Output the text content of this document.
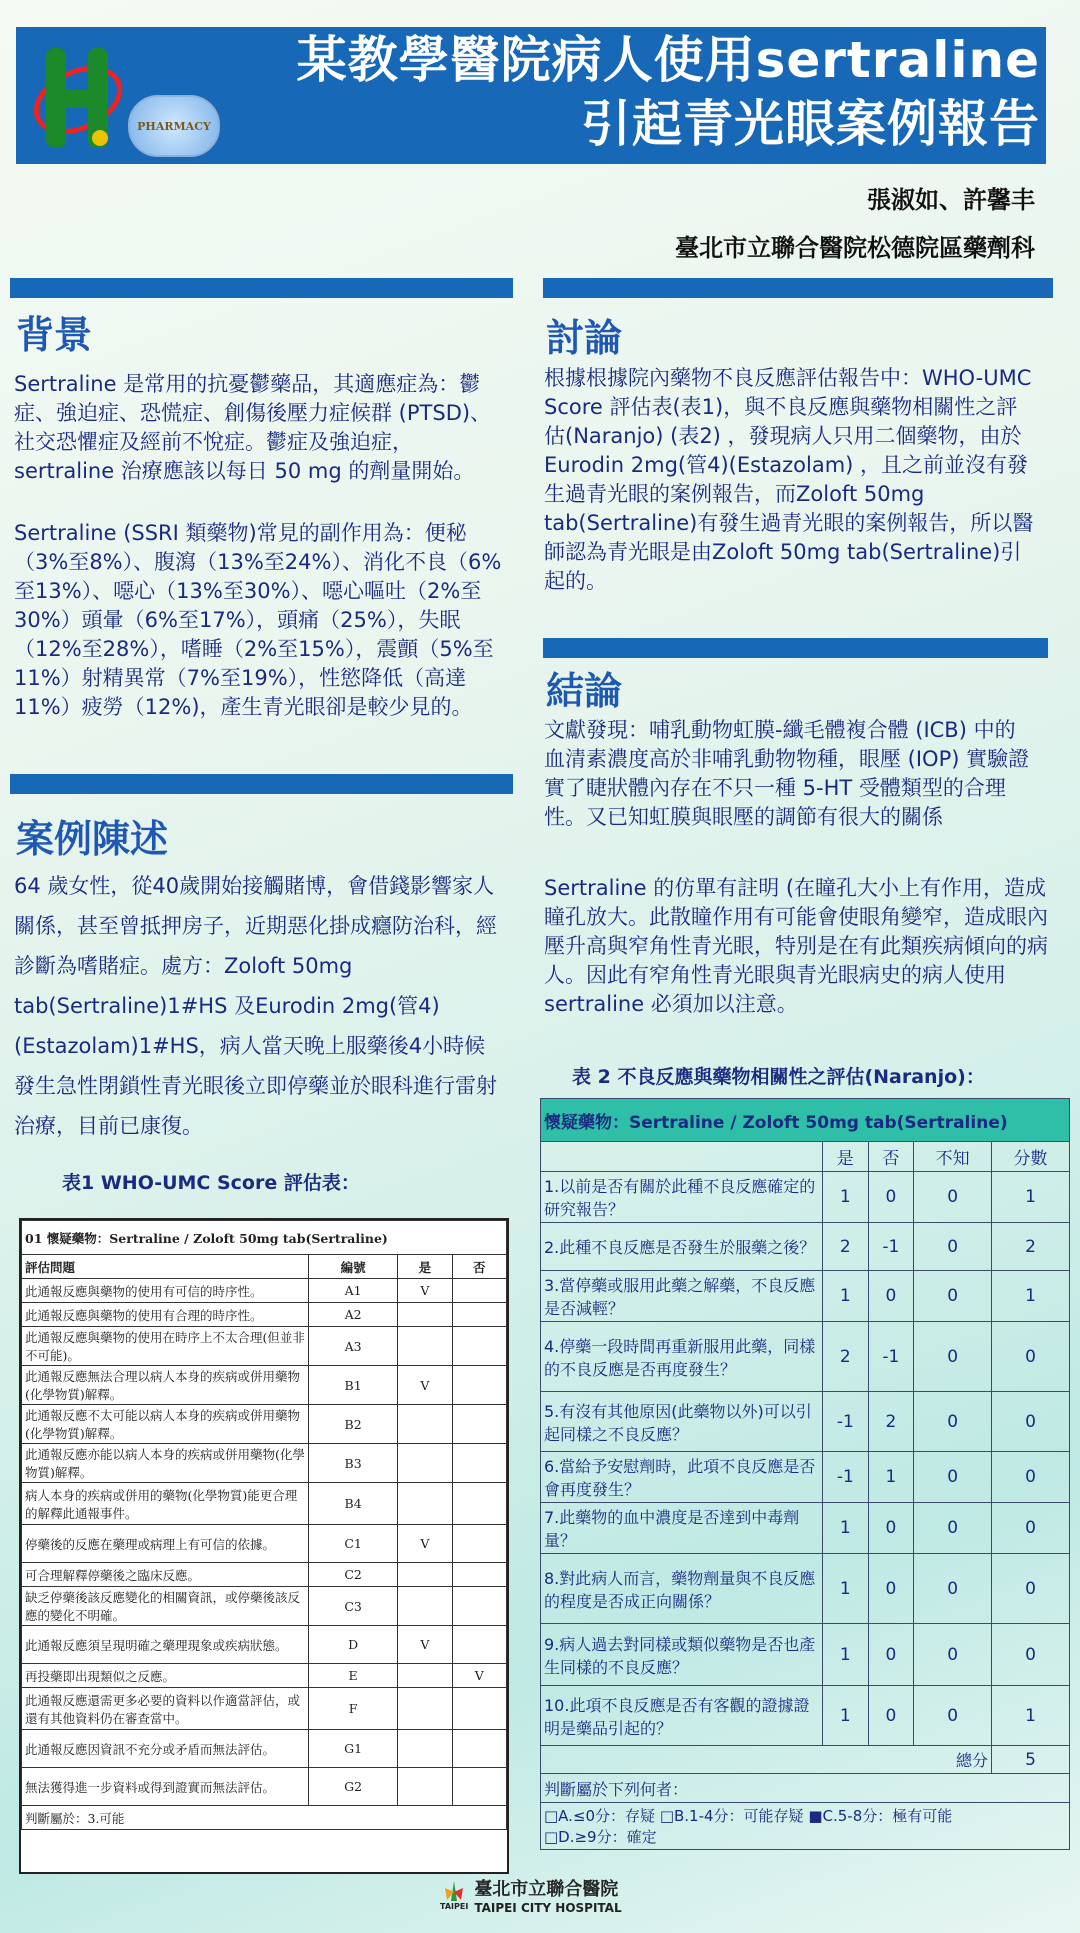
PHARMACY
某教學醫院病人使用sertraline
引起青光眼案例報告
張淑如、許馨丰
臺北市立聯合醫院松德院區藥劑科
背景
Sertraline 是常用的抗憂鬱藥品，其適應症為：鬱症、強迫症、恐慌症、創傷後壓力症候群 (PTSD)、社交恐懼症及經前不悅症。鬱症及強迫症，sertraline 治療應該以每日 50 mg 的劑量開始。
Sertraline (SSRI 類藥物)常見的副作用為：便秘（3%至8%）、腹瀉（13%至24%）、消化不良（6%至13%）、噁心（13%至30%）、噁心嘔吐（2%至30%）頭暈（6%至17%），頭痛（25%），失眠（12%至28%），嗜睡（2%至15%），震顫（5%至11%）射精異常（7%至19%），性慾降低（高達11%）疲勞（12%)，產生青光眼卻是較少見的。
案例陳述
64 歲女性，從40歲開始接觸賭博，會借錢影響家人關係，甚至曾抵押房子，近期惡化掛成癮防治科，經診斷為嗜賭症。處方：Zoloft 50mg tab(Sertraline)1#HS 及Eurodin 2mg(管4)(Estazolam)1#HS，病人當天晚上服藥後4小時候發生急性閉鎖性青光眼後立即停藥並於眼科進行雷射治療，目前已康復。
表1 WHO-UMC Score 評估表：
01 懷疑藥物：Sertraline / Zoloft 50mg tab(Sertraline)			
評估問題	編號	是	否
此通報反應與藥物的使用有可信的時序性。	A1	V	
此通報反應與藥物的使用有合理的時序性。	A2		
此通報反應與藥物的使用在時序上不太合理(但並非不可能)。	A3		
此通報反應無法合理以病人本身的疾病或併用藥物(化學物質)解釋。	B1	V	
此通報反應不太可能以病人本身的疾病或併用藥物(化學物質)解釋。	B2		
此通報反應亦能以病人本身的疾病或併用藥物(化學物質)解釋。	B3		
病人本身的疾病或併用的藥物(化學物質)能更合理的解釋此通報事件。	B4		
停藥後的反應在藥理或病理上有可信的依據。	C1	V	
可合理解釋停藥後之臨床反應。	C2		
缺乏停藥後該反應變化的相關資訊，或停藥後該反應的變化不明確。	C3		
此通報反應須呈現明確之藥理現象或疾病狀態。	D	V	
再投藥即出現類似之反應。	E		V
此通報反應還需更多必要的資料以作適當評估，或還有其他資料仍在審查當中。	F		
此通報反應因資訊不充分或矛盾而無法評估。	G1		
無法獲得進一步資料或得到證實而無法評估。	G2		
判斷屬於：3.可能			
討論
根據根據院內藥物不良反應評估報告中：WHO-UMC Score 評估表(表1)，與不良反應與藥物相關性之評估(Naranjo) (表2) ，發現病人只用二個藥物，由於Eurodin 2mg(管4)(Estazolam) ，且之前並沒有發生過青光眼的案例報告，而Zoloft 50mg tab(Sertraline)有發生過青光眼的案例報告，所以醫師認為青光眼是由Zoloft 50mg tab(Sertraline)引起的。
結論
文獻發現：哺乳動物虹膜-纖毛體複合體 (ICB) 中的血清素濃度高於非哺乳動物物種，眼壓 (IOP) 實驗證實了睫狀體內存在不只一種 5-HT 受體類型的合理性。又已知虹膜與眼壓的調節有很大的關係
Sertraline 的仿單有註明 (在瞳孔大小上有作用，造成瞳孔放大。此散瞳作用有可能會使眼角變窄，造成眼內壓升高與窄角性青光眼，特別是在有此類疾病傾向的病人。因此有窄角性青光眼與青光眼病史的病人使用sertraline 必須加以注意。
表 2 不良反應與藥物相關性之評估(Naranjo)：
懷疑藥物：Sertraline / Zoloft 50mg tab(Sertraline)				
	是	否	不知	分數
1.以前是否有關於此種不良反應確定的研究報告？	1	0	0	1
2.此種不良反應是否發生於服藥之後？	2	-1	0	2
3.當停藥或服用此藥之解藥，不良反應是否減輕？	1	0	0	1
4.停藥一段時間再重新服用此藥，同樣的不良反應是否再度發生？	2	-1	0	0
5.有沒有其他原因(此藥物以外)可以引起同樣之不良反應？	-1	2	0	0
6.當給予安慰劑時，此項不良反應是否會再度發生？	-1	1	0	0
7.此藥物的血中濃度是否達到中毒劑量？	1	0	0	0
8.對此病人而言，藥物劑量與不良反應的程度是否成正向關係？	1	0	0	0
9.病人過去對同樣或類似藥物是否也產生同樣的不良反應？	1	0	0	0
10.此項不良反應是否有客觀的證據證明是藥品引起的？	1	0	0	1
總分				5
判斷屬於下列何者：				

□A.≤0分：存疑 □B.1-4分：可能存疑 ■C.5-8分：極有可能
□D.≥9分：確定				
TAIPEI
臺北市立聯合醫院
TAIPEI CITY HOSPITAL
